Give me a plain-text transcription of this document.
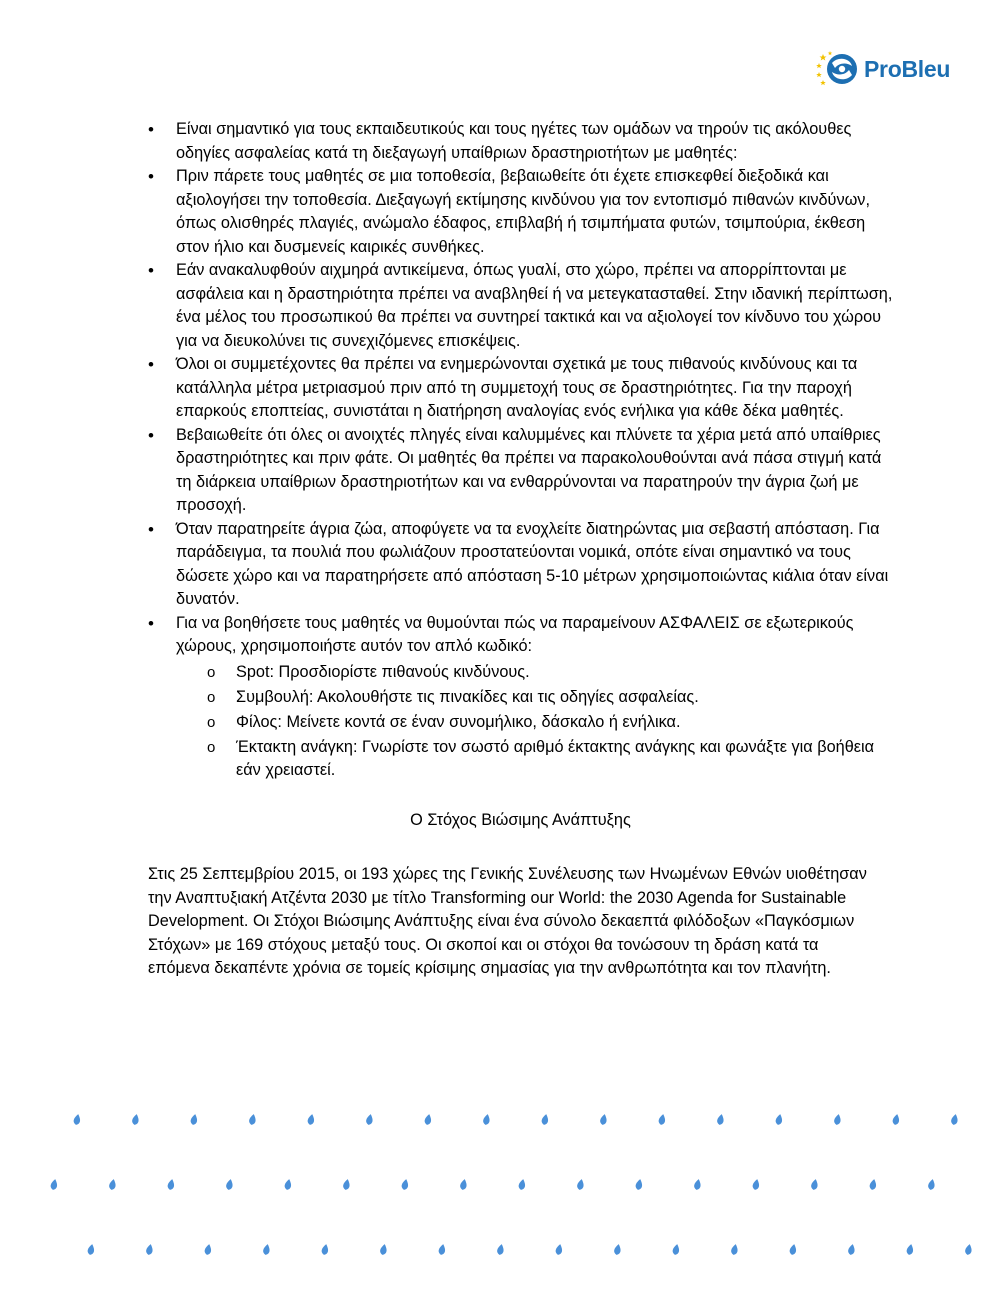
ProBleu
• Είναι σημαντικό για τους εκπαιδευτικούς και τους ηγέτες των ομάδων να τηρούν τις ακόλουθες οδηγίες ασφαλείας κατά τη διεξαγωγή υπαίθριων δραστηριοτήτων με μαθητές:
• Πριν πάρετε τους μαθητές σε μια τοποθεσία, βεβαιωθείτε ότι έχετε επισκεφθεί διεξοδικά και αξιολογήσει την τοποθεσία. Διεξαγωγή εκτίμησης κινδύνου για τον εντοπισμό πιθανών κινδύνων, όπως ολισθηρές πλαγιές, ανώμαλο έδαφος, επιβλαβή ή τσιμπήματα φυτών, τσιμπούρια, έκθεση στον ήλιο και δυσμενείς καιρικές συνθήκες.
• Εάν ανακαλυφθούν αιχμηρά αντικείμενα, όπως γυαλί, στο χώρο, πρέπει να απορρίπτονται με ασφάλεια και η δραστηριότητα πρέπει να αναβληθεί ή να μετεγκατασταθεί. Στην ιδανική περίπτωση, ένα μέλος του προσωπικού θα πρέπει να συντηρεί τακτικά και να αξιολογεί τον κίνδυνο του χώρου για να διευκολύνει τις συνεχιζόμενες επισκέψεις.
• Όλοι οι συμμετέχοντες θα πρέπει να ενημερώνονται σχετικά με τους πιθανούς κινδύνους και τα κατάλληλα μέτρα μετριασμού πριν από τη συμμετοχή τους σε δραστηριότητες. Για την παροχή επαρκούς εποπτείας, συνιστάται η διατήρηση αναλογίας ενός ενήλικα για κάθε δέκα μαθητές.
• Βεβαιωθείτε ότι όλες οι ανοιχτές πληγές είναι καλυμμένες και πλύνετε τα χέρια μετά από υπαίθριες δραστηριότητες και πριν φάτε. Οι μαθητές θα πρέπει να παρακολουθούνται ανά πάσα στιγμή κατά τη διάρκεια υπαίθριων δραστηριοτήτων και να ενθαρρύνονται να παρατηρούν την άγρια ζωή με προσοχή.
• Όταν παρατηρείτε άγρια ζώα, αποφύγετε να τα ενοχλείτε διατηρώντας μια σεβαστή απόσταση. Για παράδειγμα, τα πουλιά που φωλιάζουν προστατεύονται νομικά, οπότε είναι σημαντικό να τους δώσετε χώρο και να παρατηρήσετε από απόσταση 5-10 μέτρων χρησιμοποιώντας κιάλια όταν είναι δυνατόν.
• Για να βοηθήσετε τους μαθητές να θυμούνται πώς να παραμείνουν ΑΣΦΑΛΕΙΣ σε εξωτερικούς χώρους, χρησιμοποιήστε αυτόν τον απλό κωδικό:
o Spot: Προσδιορίστε πιθανούς κινδύνους.
o Συμβουλή: Ακολουθήστε τις πινακίδες και τις οδηγίες ασφαλείας.
o Φίλος: Μείνετε κοντά σε έναν συνομήλικο, δάσκαλο ή ενήλικα.
o Έκτακτη ανάγκη: Γνωρίστε τον σωστό αριθμό έκτακτης ανάγκης και φωνάξτε για βοήθεια εάν χρειαστεί.
Ο Στόχος Βιώσιμης Ανάπτυξης

Στις 25 Σεπτεμβρίου 2015, οι 193 χώρες της Γενικής Συνέλευσης των Ηνωμένων Εθνών υιοθέτησαν την Αναπτυξιακή Ατζέντα 2030 με τίτλο Transforming our World: the 2030 Agenda for Sustainable Development. Οι Στόχοι Βιώσιμης Ανάπτυξης είναι ένα σύνολο δεκαεπτά φιλόδοξων «Παγκόσμιων Στόχων» με 169 στόχους μεταξύ τους. Οι σκοποί και οι στόχοι θα τονώσουν τη δράση κατά τα επόμενα δεκαπέντε χρόνια σε τομείς κρίσιμης σημασίας για την ανθρωπότητα και τον πλανήτη.
